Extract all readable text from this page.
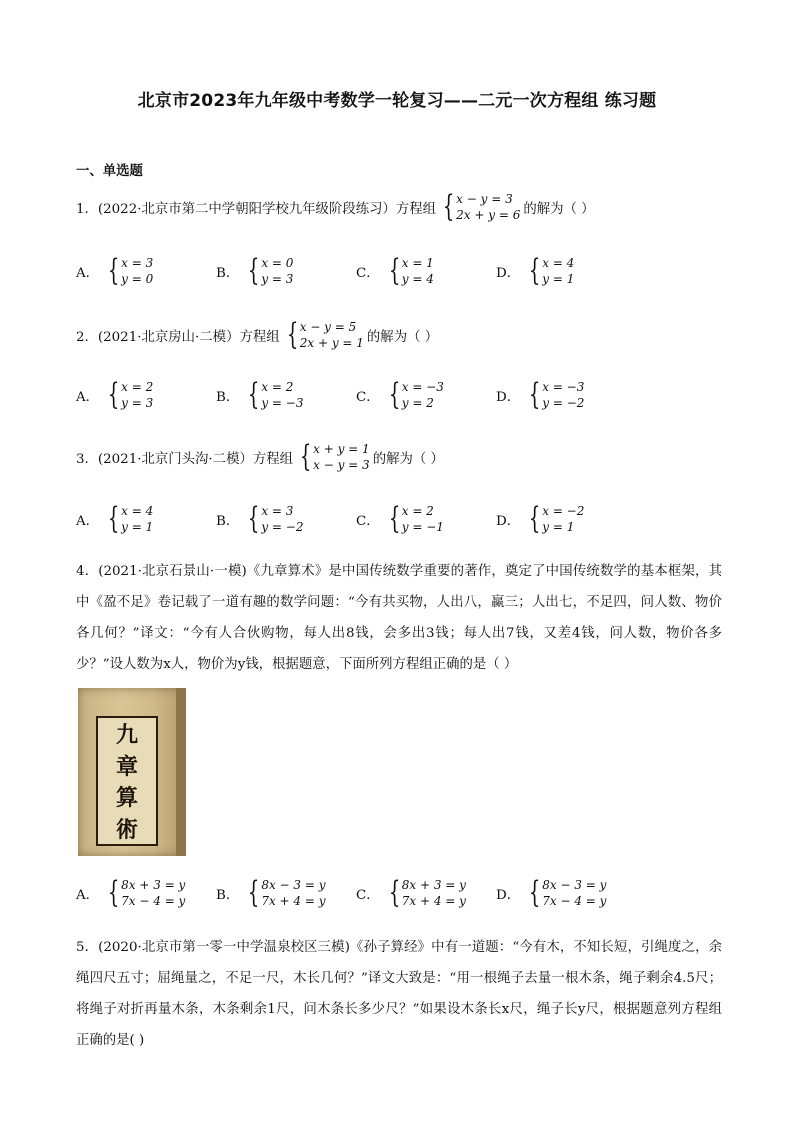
北京市2023年九年级中考数学一轮复习——二元一次方程组 练习题
一、单选题
1．(2022·北京市第二中学朝阳学校九年级阶段练习）方程组 { x − y = 3
2x + y = 6 的解为（ ）
A． { x = 3
y = 0	B． { x = 0
y = 3	C． { x = 1
y = 4	D． { x = 4
y = 1
2．(2021·北京房山·二模）方程组 { x − y = 5
2x + y = 1 的解为（ ）
A． { x = 2
y = 3	B． { x = 2
y = −3	C． { x = −3
y = 2	D． { x = −3
y = −2
3．(2021·北京门头沟·二模）方程组 { x + y = 1
x − y = 3 的解为（ ）
A． { x = 4
y = 1	B． { x = 3
y = −2	C． { x = 2
y = −1	D． { x = −2
y = 1
4．(2021·北京石景山·一模)《九章算术》是中国传统数学重要的著作，奠定了中国传统数学的基本框架，其中《盈不足》卷记载了一道有趣的数学问题：“今有共买物，人出八，赢三；人出七，不足四，问人数、物价各几何？”译文：“今有人合伙购物，每人出8钱，会多出3钱；每人出7钱，又差4钱，问人数，物价各多少？”设人数为x人，物价为y钱，根据题意，下面所列方程组正确的是（ ）
九
章
算
術
A． { 8x + 3 = y
7x − 4 = y B． { 8x − 3 = y
7x + 4 = y C． { 8x + 3 = y
7x + 4 = y D． { 8x − 3 = y
7x − 4 = y
5．(2020·北京市第一零一中学温泉校区三模)《孙子算经》中有一道题：“今有木，不知长短，引绳度之，余绳四尺五寸；屈绳量之，不足一尺，木长几何？”译文大致是：“用一根绳子去量一根木条，绳子剩余4.5尺；将绳子对折再量木条，木条剩余1尺，问木条长多少尺？”如果设木条长x尺，绳子长y尺，根据题意列方程组正确的是( )
